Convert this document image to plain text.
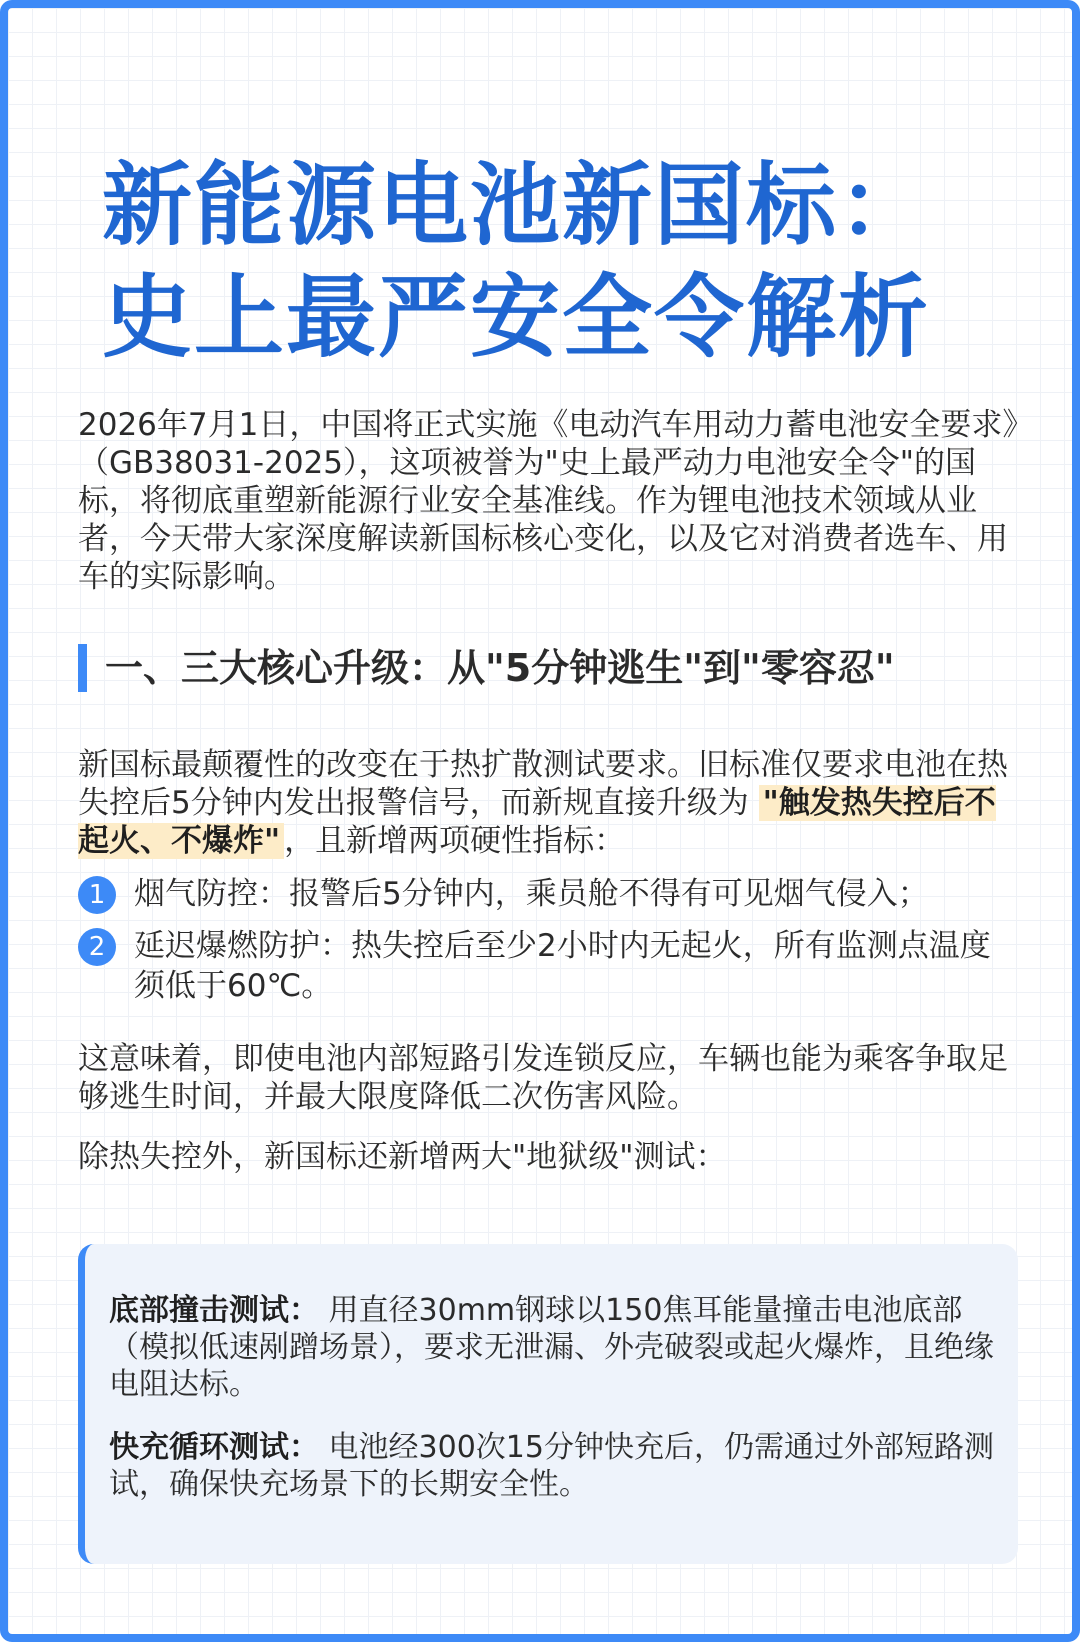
新能源电池新国标：
史上最严安全令解析

2026年7月1日，中国将正式实施《电动汽车用动力蓄电池安全要求》（GB38031-2025），这项被誉为"史上最严动力电池安全令"的国标，将彻底重塑新能源行业安全基准线。作为锂电池技术领域从业者，今天带大家深度解读新国标核心变化，以及它对消费者选车、用车的实际影响。

一、三大核心升级：从"5分钟逃生"到"零容忍"

新国标最颠覆性的改变在于热扩散测试要求。旧标准仅要求电池在热失控后5分钟内发出报警信号，而新规直接升级为 "触发热失控后不起火、不爆炸" ，且新增两项硬性指标：

1 烟气防控：报警后5分钟内，乘员舱不得有可见烟气侵入；

2 延迟爆燃防护：热失控后至少2小时内无起火，所有监测点温度须低于60℃。

这意味着，即使电池内部短路引发连锁反应，车辆也能为乘客争取足够逃生时间，并最大限度降低二次伤害风险。

除热失控外，新国标还新增两大"地狱级"测试：

底部撞击测试： 用直径30mm钢球以150焦耳能量撞击电池底部（模拟低速剐蹭场景），要求无泄漏、外壳破裂或起火爆炸，且绝缘电阻达标。

快充循环测试： 电池经300次15分钟快充后，仍需通过外部短路测试，确保快充场景下的长期安全性。
